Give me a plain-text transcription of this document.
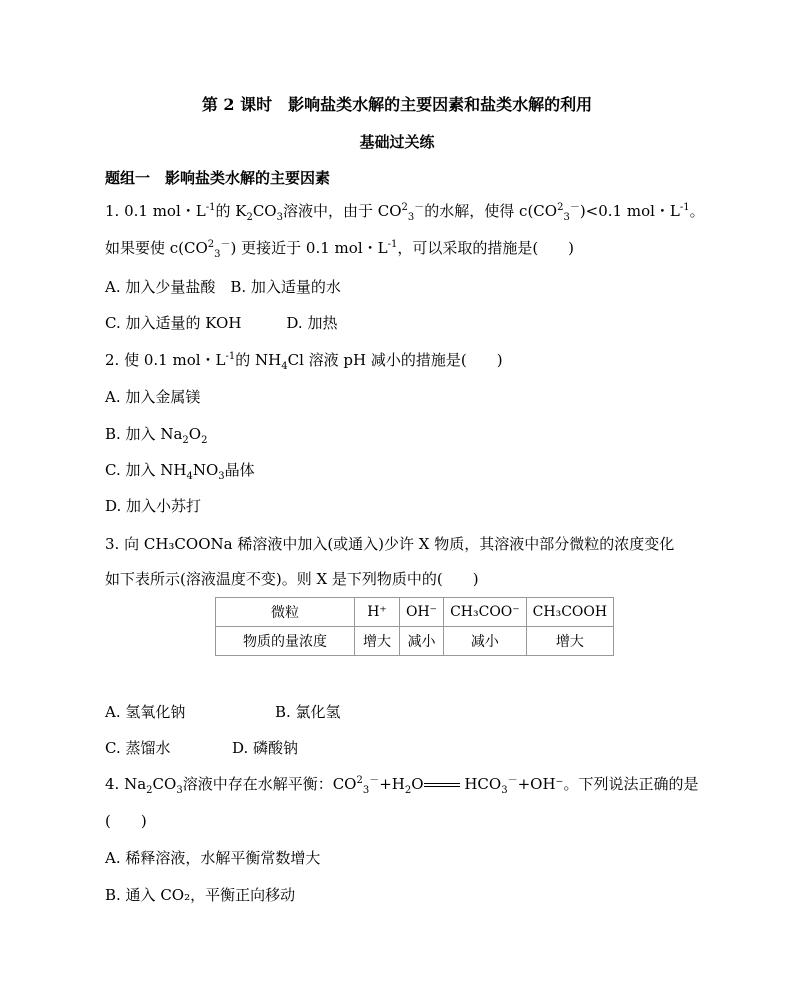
第 2 课时　影响盐类水解的主要因素和盐类水解的利用
基础过关练
题组一　影响盐类水解的主要因素
1. 0.1 mol・$L^{-1}$的 $K_2CO_3$溶液中，由于 $CO^2_3^-$的水解，使得 $c(CO^2_3^-)<0.1$ mol・$L^{-1}$。
如果要使 $c(CO^2_3^-)$ 更接近于 0.1 mol・$L^{-1}$，可以采取的措施是(　　)
A. 加入少量盐酸　B. 加入适量的水
C. 加入适量的 KOH　　　D. 加热
2. 使 0.1 mol・$L^{-1}$的 $NH_4Cl$ 溶液 pH 减小的措施是(　　)
A. 加入金属镁
B. 加入 $Na_2O_2$
C. 加入 $NH_4NO_3$晶体
D. 加入小苏打
3. 向 CH₃COONa 稀溶液中加入(或通入)少许 X 物质，其溶液中部分微粒的浓度变化
如下表所示(溶液温度不变)。则 X 是下列物质中的(　　)
微粒	H⁺	OH⁻	CH₃COO⁻	CH₃COOH
物质的量浓度	增大	减小	减小	增大
A. 氢氧化钠	B. 氯化氢
C. 蒸馏水	D. 磷酸钠
4. $Na_2CO_3$溶液中存在水解平衡：$CO^2_3^-+H_2O$	$HCO_3^-+OH^-$。下列说法正确的是
(　　)
A. 稀释溶液，水解平衡常数增大
B. 通入 CO₂，平衡正向移动
